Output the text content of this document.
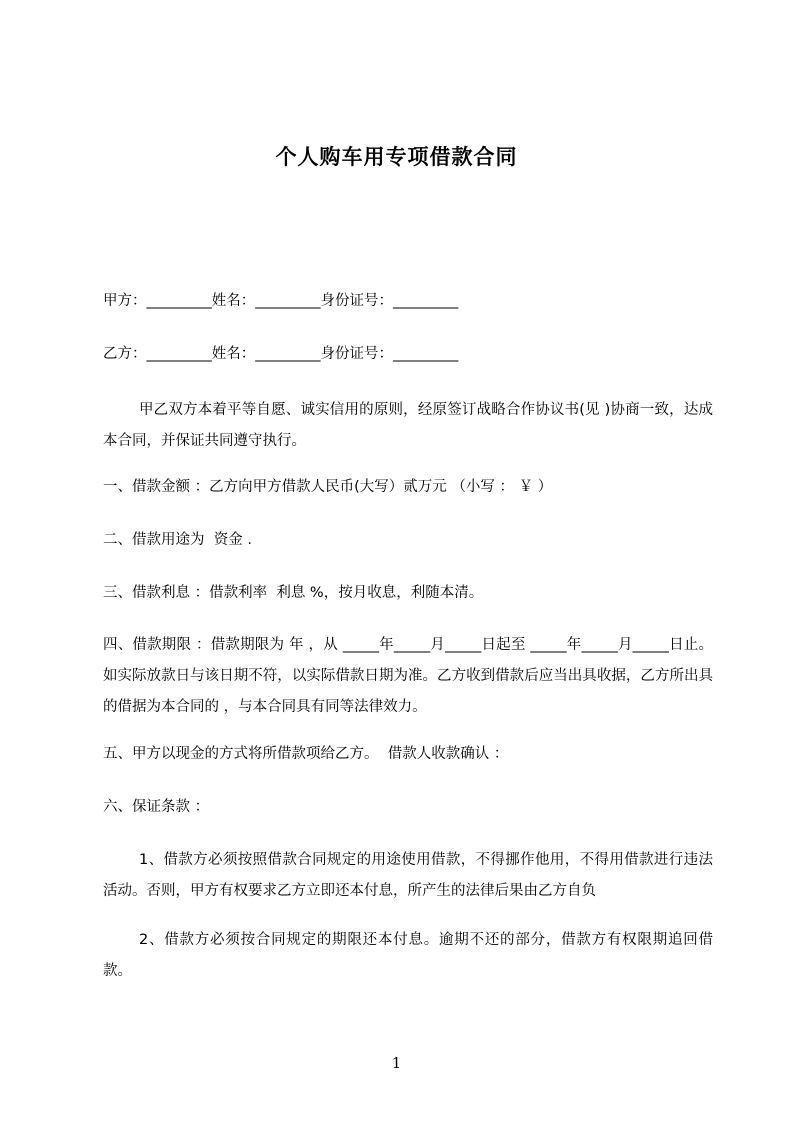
个人购车用专项借款合同
甲方：_________姓名：_________身份证号：_________
乙方：_________姓名：_________身份证号：_________
甲乙双方本着平等自愿、诚实信用的原则，经原签订战略合作协议书(见 )协商一致，达成本合同，并保证共同遵守执行。
一、借款金额 ：乙方向甲方借款人民币(大写）贰万元 （小写 ： ￥ ）
二、借款用途为  资金 .
三、借款利息 ：借款利率  利息 %，按月收息，利随本清。
四、借款期限 ：借款期限为 年 ，从 _____年_____月_____日起至 _____年_____月_____日止。如实际放款日与该日期不符，以实际借款日期为准。乙方收到借款后应当出具收据，乙方所出具的借据为本合同的 ，与本合同具有同等法律效力。
五、甲方以现金的方式将所借款项给乙方。  借款人收款确认 ：
六、保证条款 ：
1、借款方必须按照借款合同规定的用途使用借款，不得挪作他用，不得用借款进行违法活动。否则，甲方有权要求乙方立即还本付息，所产生的法律后果由乙方自负
2、借款方必须按合同规定的期限还本付息。逾期不还的部分，借款方有权限期追回借款。
1
